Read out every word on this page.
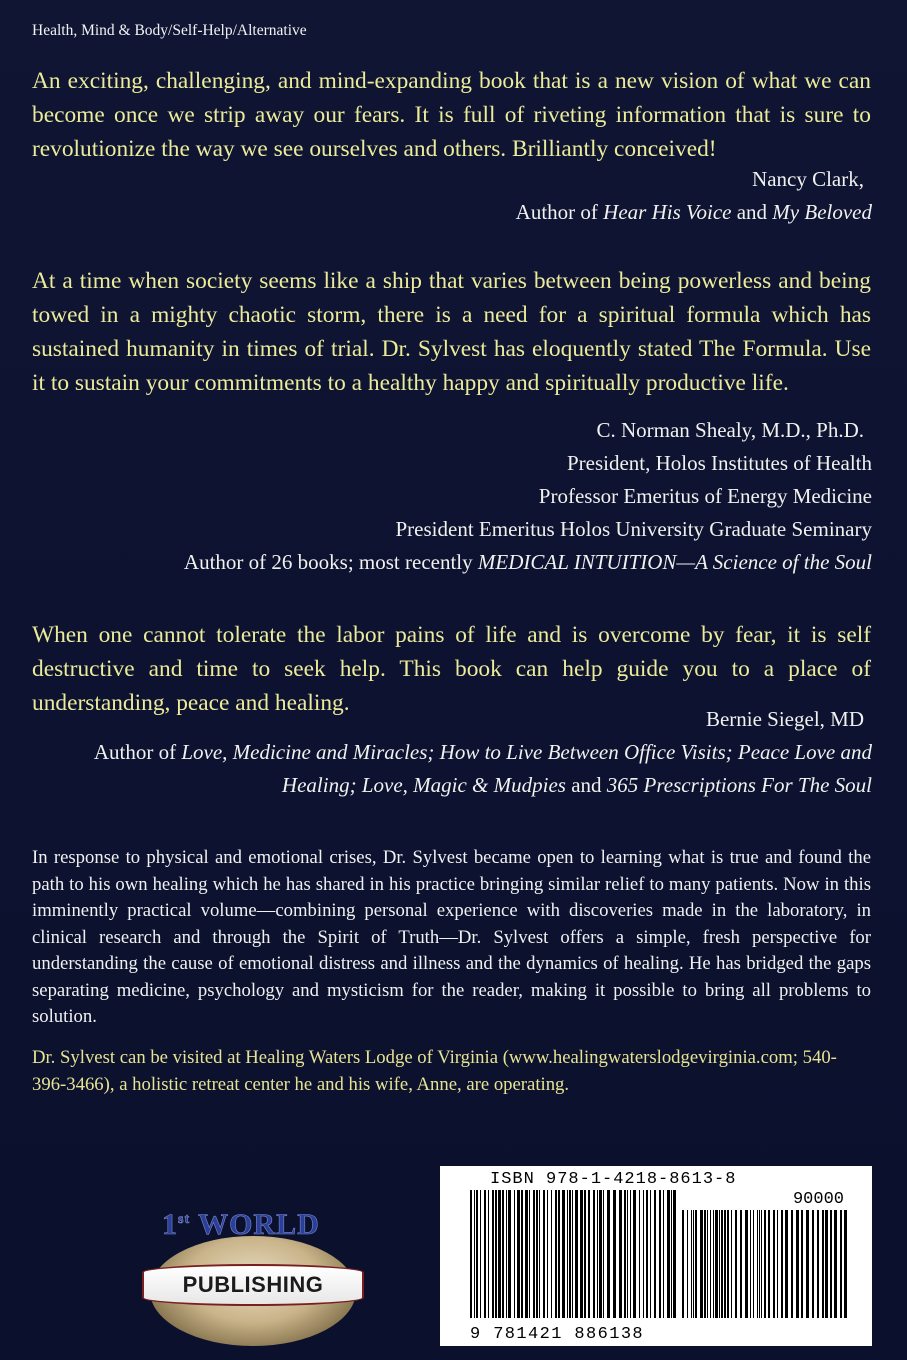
Health, Mind & Body/Self-Help/Alternative
An exciting, challenging, and mind-expanding book that is a new vision of what we can become once we strip away our fears. It is full of riveting information that is sure to revolutionize the way we see ourselves and others. Brilliantly conceived!
Nancy Clark,
Author of Hear His Voice and My Beloved
At a time when society seems like a ship that varies between being powerless and being towed in a mighty chaotic storm, there is a need for a spiritual formula which has sustained humanity in times of trial. Dr. Sylvest has eloquently stated The Formula. Use it to sustain your commitments to a healthy happy and spiritually productive life.
C. Norman Shealy, M.D., Ph.D.
President, Holos Institutes of Health
Professor Emeritus of Energy Medicine
President Emeritus Holos University Graduate Seminary
Author of 26 books; most recently MEDICAL INTUITION—A Science of the Soul
When one cannot tolerate the labor pains of life and is overcome by fear, it is self destructive and time to seek help. This book can help guide you to a place of understanding, peace and healing.
Bernie Siegel, MD
Author of Love, Medicine and Miracles; How to Live Between Office Visits; Peace Love and
Healing; Love, Magic & Mudpies and 365 Prescriptions For The Soul
In response to physical and emotional crises, Dr. Sylvest became open to learning what is true and found the path to his own healing which he has shared in his practice bringing similar relief to many patients. Now in this imminently practical volume—combining personal experience with discoveries made in the laboratory, in clinical research and through the Spirit of Truth—Dr. Sylvest offers a simple, fresh perspective for understanding the cause of emotional distress and illness and the dynamics of healing. He has bridged the gaps separating medicine, psychology and mysticism for the reader, making it possible to bring all problems to solution.
Dr. Sylvest can be visited at Healing Waters Lodge of Virginia (www.healingwaterslodgevirginia.com; 540-396-3466), a holistic retreat center he and his wife, Anne, are operating.
1st WORLD
PUBLISHING
ISBN 978-1-4218-8613-8
90000
9 781421 886138
